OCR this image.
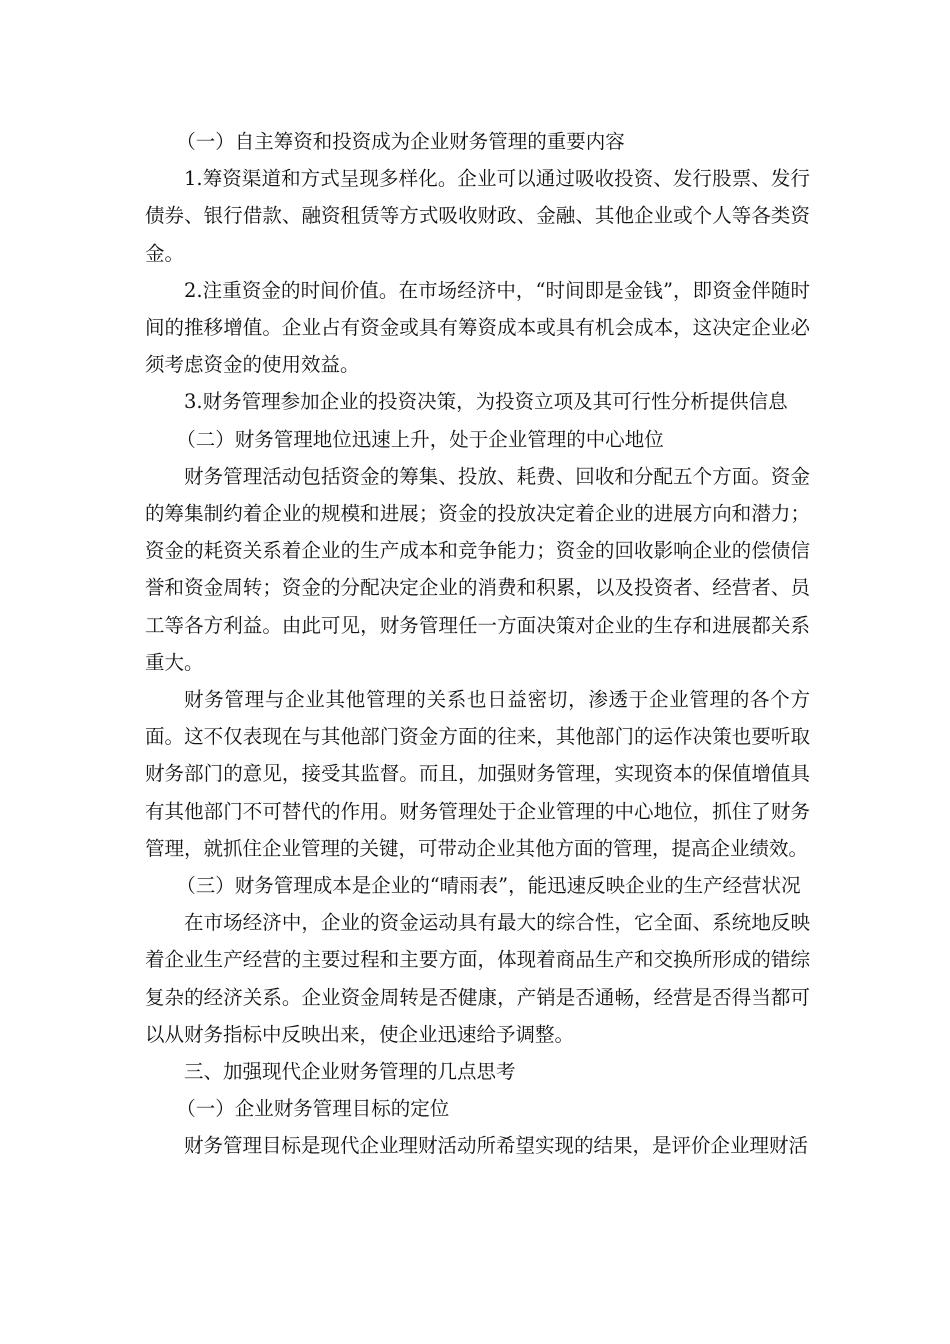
（一）自主筹资和投资成为企业财务管理的重要内容

1.筹资渠道和方式呈现多样化。企业可以通过吸收投资、发行股票、发行债券、银行借款、融资租赁等方式吸收财政、金融、其他企业或个人等各类资金。

2.注重资金的时间价值。在市场经济中，“时间即是金钱”，即资金伴随时间的推移增值。企业占有资金或具有筹资成本或具有机会成本，这决定企业必须考虑资金的使用效益。

3.财务管理参加企业的投资决策，为投资立项及其可行性分析提供信息

（二）财务管理地位迅速上升，处于企业管理的中心地位

财务管理活动包括资金的筹集、投放、耗费、回收和分配五个方面。资金的筹集制约着企业的规模和进展；资金的投放决定着企业的进展方向和潜力；资金的耗资关系着企业的生产成本和竞争能力；资金的回收影响企业的偿债信誉和资金周转；资金的分配决定企业的消费和积累，以及投资者、经营者、员工等各方利益。由此可见，财务管理任一方面决策对企业的生存和进展都关系重大。

财务管理与企业其他管理的关系也日益密切，渗透于企业管理的各个方面。这不仅表现在与其他部门资金方面的往来，其他部门的运作决策也要听取财务部门的意见，接受其监督。而且，加强财务管理，实现资本的保值增值具有其他部门不可替代的作用。财务管理处于企业管理的中心地位，抓住了财务管理，就抓住企业管理的关键，可带动企业其他方面的管理，提高企业绩效。

（三）财务管理成本是企业的“晴雨表”，能迅速反映企业的生产经营状况

在市场经济中，企业的资金运动具有最大的综合性，它全面、系统地反映着企业生产经营的主要过程和主要方面，体现着商品生产和交换所形成的错综复杂的经济关系。企业资金周转是否健康，产销是否通畅，经营是否得当都可以从财务指标中反映出来，使企业迅速给予调整。

三、加强现代企业财务管理的几点思考

（一）企业财务管理目标的定位

财务管理目标是现代企业理财活动所希望实现的结果，是评价企业理财活
